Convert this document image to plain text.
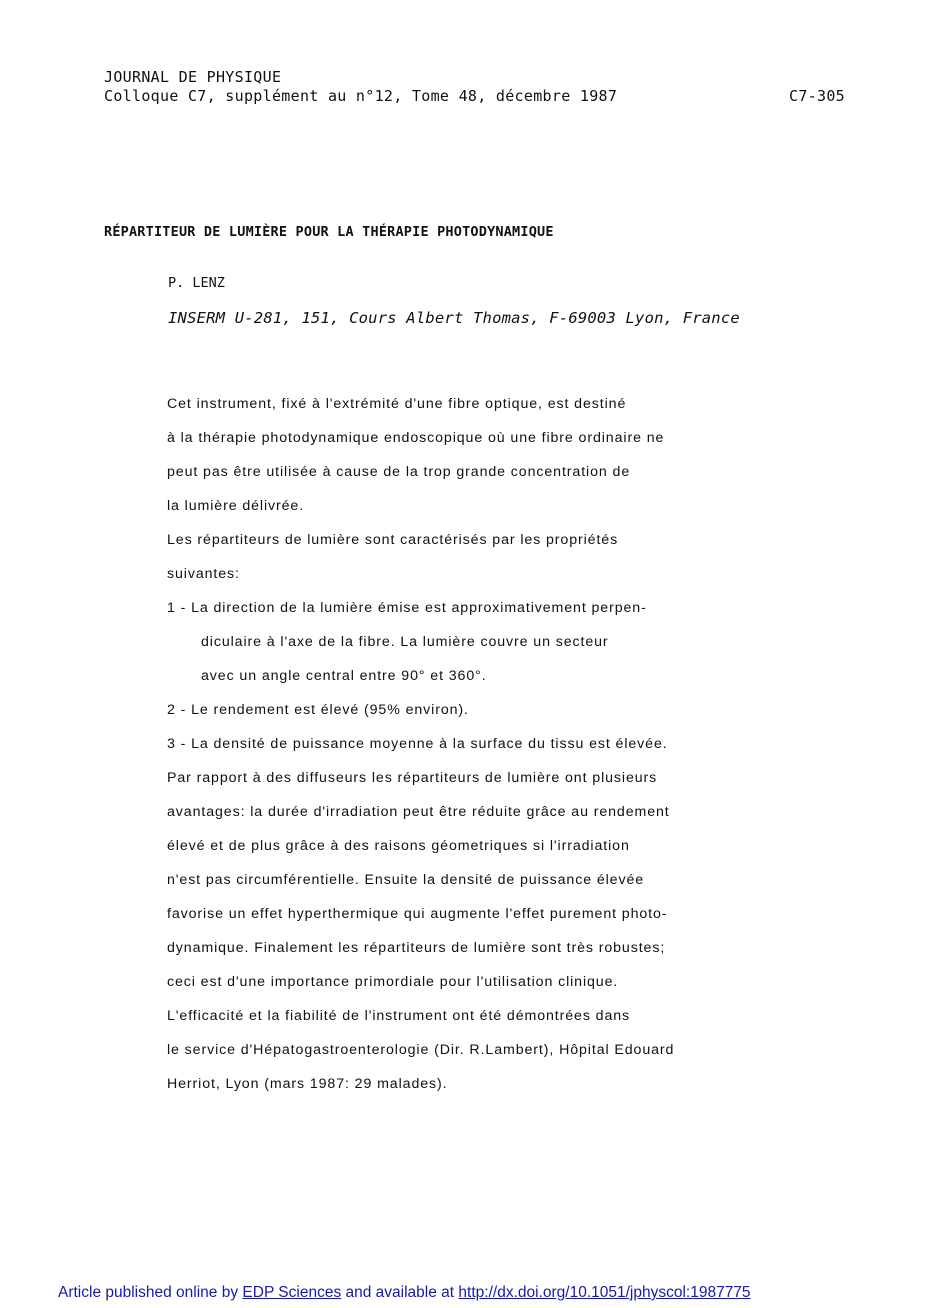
JOURNAL DE PHYSIQUE
Colloque C7, supplément au n°12, Tome 48, décembre 1987	C7-305
RÉPARTITEUR DE LUMIÈRE POUR LA THÉRAPIE PHOTODYNAMIQUE
P. LENZ
INSERM U-281, 151, Cours Albert Thomas, F-69003 Lyon, France
Cet instrument, fixé à l'extrémité d'une fibre optique, est destiné
à la thérapie photodynamique endoscopique où une fibre ordinaire ne
peut pas être utilisée à cause de la trop grande concentration de
la lumière délivrée.
Les répartiteurs de lumière sont caractérisés par les propriétés
suivantes:
1 - La direction de la lumière émise est approximativement perpen-
diculaire à l'axe de la fibre. La lumière couvre un secteur
avec un angle central entre 90° et 360°.
2 - Le rendement est élevé (95% environ).
3 - La densité de puissance moyenne à la surface du tissu est élevée.
Par rapport à des diffuseurs les répartiteurs de lumière ont plusieurs
avantages: la durée d'irradiation peut être réduite grâce au rendement
élevé et de plus grâce à des raisons géometriques si l'irradiation
n'est pas circumférentielle. Ensuite la densité de puissance élevée
favorise un effet hyperthermique qui augmente l'effet purement photo-
dynamique. Finalement les répartiteurs de lumière sont très robustes;
ceci est d'une importance primordiale pour l'utilisation clinique.
L'efficacité et la fiabilité de l'instrument ont été démontrées dans
le service d'Hépatogastroenterologie (Dir. R.Lambert), Hôpital Edouard
Herriot, Lyon (mars 1987: 29 malades).
Article published online by EDP Sciences and available at http://dx.doi.org/10.1051/jphyscol:1987775
